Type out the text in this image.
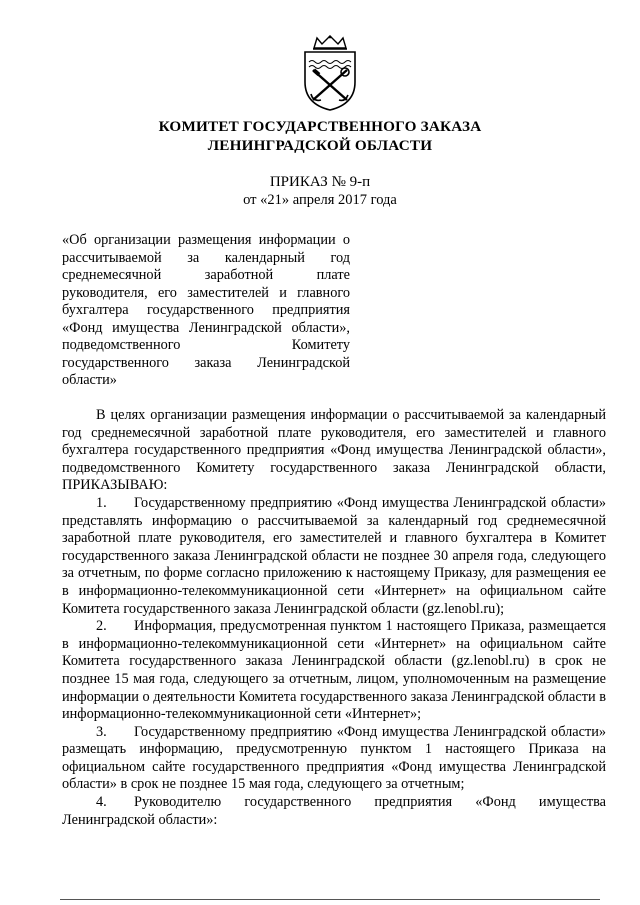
КОМИТЕТ ГОСУДАРСТВЕННОГО ЗАКАЗА
ЛЕНИНГРАДСКОЙ ОБЛАСТИ
ПРИКАЗ № 9-п
от «21» апреля 2017 года
«Об организации размещения информации о рассчитываемой за календарный год среднемесячной заработной плате руководителя, его заместителей и главного бухгалтера государственного предприятия «Фонд имущества Ленинградской области», подведомственного Комитету государственного заказа Ленинградской области»

В целях организации размещения информации о рассчитываемой за календарный год среднемесячной заработной плате руководителя, его заместителей и главного бухгалтера государственного предприятия «Фонд имущества Ленинградской области», подведомственного Комитету государственного заказа Ленинградской области, ПРИКАЗЫВАЮ:

1. Государственному предприятию «Фонд имущества Ленинградской области» представлять информацию о рассчитываемой за календарный год среднемесячной заработной плате руководителя, его заместителей и главного бухгалтера в Комитет государственного заказа Ленинградской области не позднее 30 апреля года, следующего за отчетным, по форме согласно приложению к настоящему Приказу, для размещения ее в информационно-телекоммуникационной сети «Интернет» на официальном сайте Комитета государственного заказа Ленинградской области (gz.lenobl.ru);

2. Информация, предусмотренная пунктом 1 настоящего Приказа, размещается в информационно-телекоммуникационной сети «Интернет» на официальном сайте Комитета государственного заказа Ленинградской области (gz.lenobl.ru) в срок не позднее 15 мая года, следующего за отчетным, лицом, уполномоченным на размещение информации о деятельности Комитета государственного заказа Ленинградской области в информационно-телекоммуникационной сети «Интернет»;

3. Государственному предприятию «Фонд имущества Ленинградской области» размещать информацию, предусмотренную пунктом 1 настоящего Приказа на официальном сайте государственного предприятия «Фонд имущества Ленинградской области» в срок не позднее 15 мая года, следующего за отчетным;

4. Руководителю государственного предприятия «Фонд имущества Ленинградской области»:
